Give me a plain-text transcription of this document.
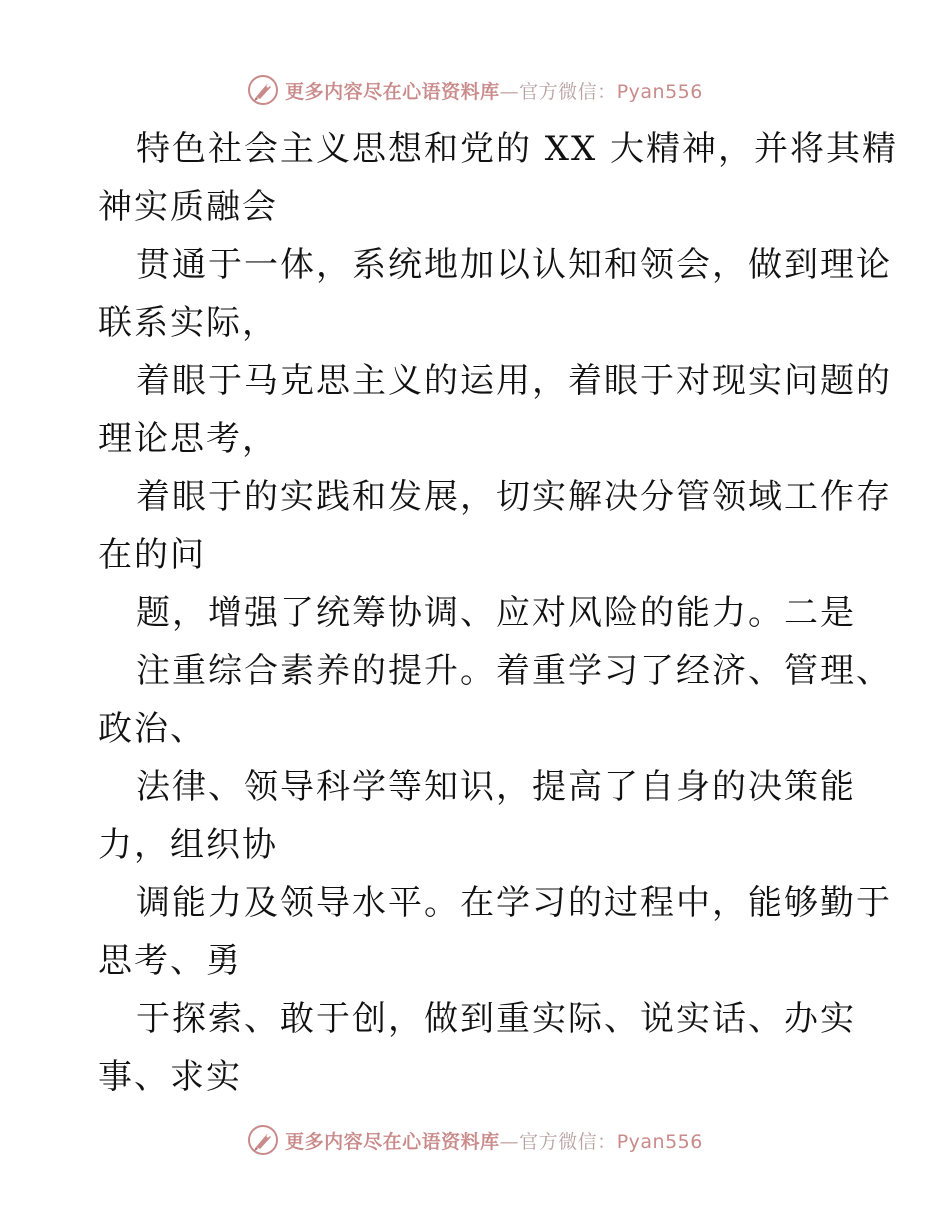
更多内容尽在心语资料库—官方微信：Pyan556
特色社会主义思想和党的 XX 大精神，并将其精
神实质融会
贯通于一体，系统地加以认知和领会，做到理论
联系实际，
着眼于马克思主义的运用，着眼于对现实问题的
理论思考，
着眼于的实践和发展，切实解决分管领域工作存
在的问
题，增强了统筹协调、应对风险的能力。二是
注重综合素养的提升。着重学习了经济、管理、
政治、
法律、领导科学等知识，提高了自身的决策能
力，组织协
调能力及领导水平。在学习的过程中，能够勤于
思考、勇
于探索、敢于创，做到重实际、说实话、办实
事、求实
更多内容尽在心语资料库—官方微信：Pyan556
